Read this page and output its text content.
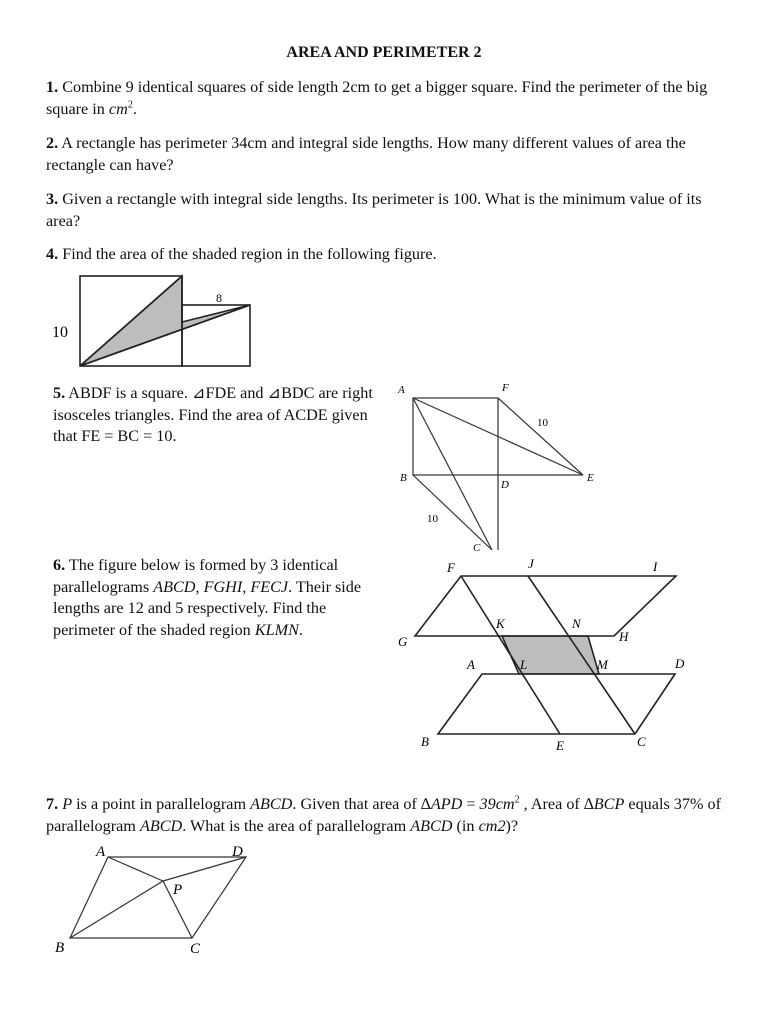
AREA AND PERIMETER 2
1. Combine 9 identical squares of side length 2cm to get a bigger square. Find the perimeter of the big square in $cm^2$.
2. A rectangle has perimeter 34cm and integral side lengths. How many different values of area the rectangle can have?
3. Given a rectangle with integral side lengths. Its perimeter is 100. What is the minimum value of its area?
4. Find the area of the shaded region in the following figure.
5. ABDF is a square. ⊿FDE and ⊿BDC are right isosceles triangles. Find the area of ACDE given that FE = BC = 10.
6. The figure below is formed by 3 identical parallelograms ABCD, FGHI, FECJ. Their side lengths are 12 and 5 respectively. Find the perimeter of the shaded region KLMN.
7. P is a point in parallelogram ABCD. Given that area of $\Delta APD = 39cm^2$ , Area of ∆BCP equals 37% of parallelogram ABCD. What is the area of parallelogram ABCD (in cm2)?
10
8
A	F
10
B
D
E
10
C
F	J	I
G
K	N
H
A	L	M	D
B	E	C
A	D
P
B	C
